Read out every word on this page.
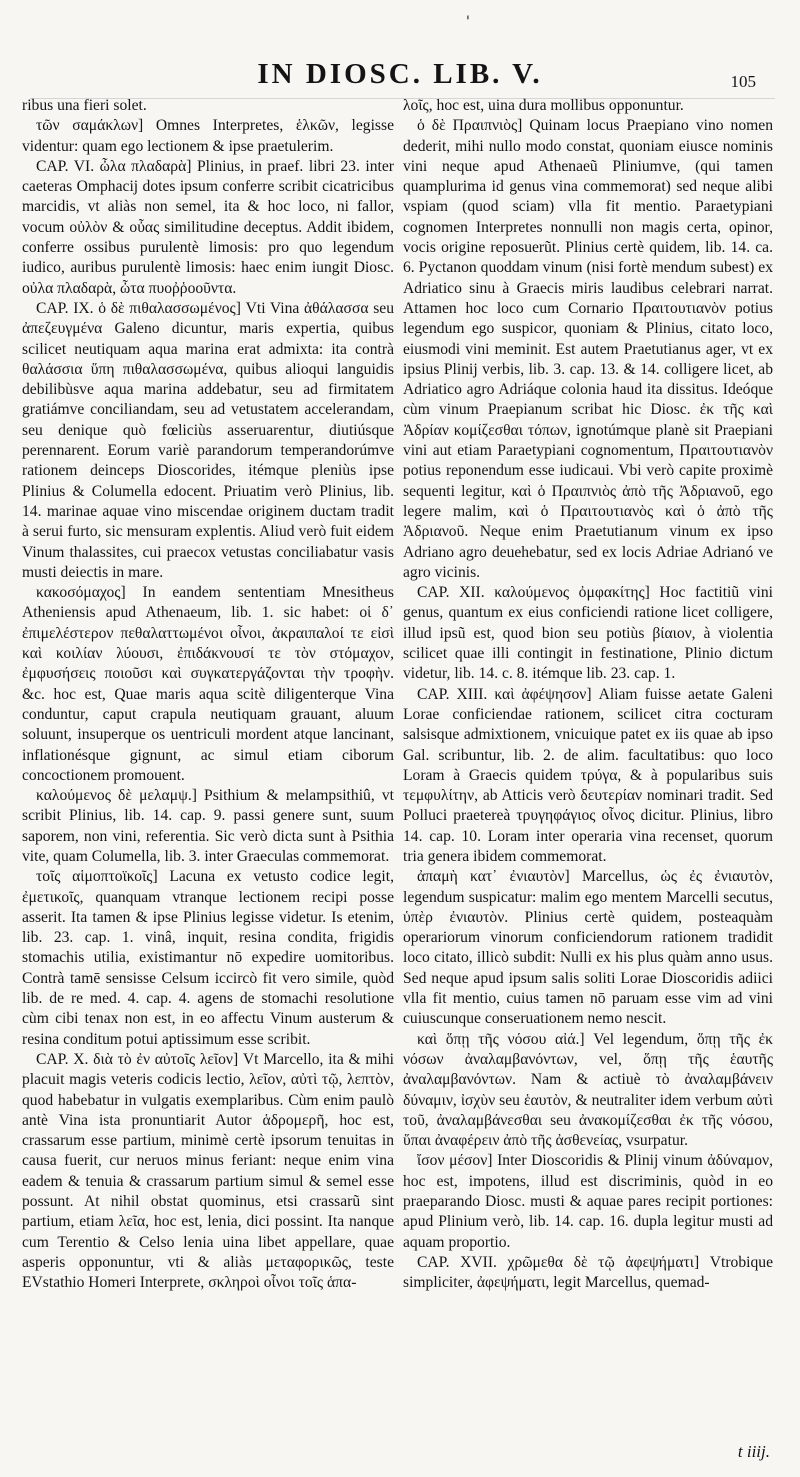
'
IN DIOSC. LIB. V.	105

ribus una fieri solet.

τῶν σαμάκλων] Omnes Interpretes, ἑλκῶν, legisse videntur: quam ego lectionem & ipse praetulerim.

CAP. VI. ὦλα πλαδαρὰ] Plinius, in praef. libri 23. inter caeteras Omphacij dotes ipsum conferre scribit cicatricibus marcidis, vt aliàs non semel, ita & hoc loco, ni fallor, vocum οὐλὸν & οὖας similitudine deceptus. Addit ibidem, conferre ossibus purulentè limosis: pro quo legendum iudico, auribus purulentè limosis: haec enim iungit Diosc. οὐλα πλαδαρὰ, ὦτα πυοῤῥοοῦντα.

CAP. IX. ὁ δὲ πιθαλασσωμένος] Vti Vina ἀθάλασσα seu ἀπεζευγμένα Galeno dicuntur, maris expertia, quibus scilicet neutiquam aqua marina erat admixta: ita contrà θαλάσσια ὕπη πιθαλασσωμένα, quibus alioqui languidis debilibùsve aqua marina addebatur, seu ad firmitatem gratiámve conciliandam, seu ad vetustatem accelerandam, seu denique quò fœliciùs asseruarentur, diutiúsque perennarent. Eorum variè parandorum temperandorúmve rationem deinceps Dioscorides, itémque pleniùs ipse Plinius & Columella edocent. Priuatim verò Plinius, lib. 14. marinae aquae vino miscendae originem ductam tradit à serui furto, sic mensuram explentis. Aliud verò fuit eidem Vinum thalassites, cui praecox vetustas conciliabatur vasis musti deiectis in mare.

κακοσόμαχος] In eandem sententiam Mnesitheus Atheniensis apud Athenaeum, lib. 1. sic habet: οἱ δ᾽ ἐπιμελέστερον πεθαλαττωμένοι οἶνοι, ἀκραιπαλοί τε εἰσὶ καὶ κοιλίαν λύουσι, ἐπιδάκνουσί τε τὸν στόμαχον, ἐμφυσήσεις ποιοῦσι καὶ συγκατεργάζονται τὴν τροφὴν. &c. hoc est, Quae maris aqua scitè diligenterque Vina conduntur, caput crapula neutiquam grauant, aluum soluunt, insuperque os uentriculi mordent atque lancinant, inflationésque gignunt, ac simul etiam ciborum concoctionem promouent.

καλούμενος δὲ μελαμψ.] Psithium & melampsithiû, vt scribit Plinius, lib. 14. cap. 9. passi genere sunt, suum saporem, non vini, referentia. Sic verò dicta sunt à Psithia vite, quam Columella, lib. 3. inter Graeculas commemorat.

τοῖς αἱμοπτοϊκοῖς] Lacuna ex vetusto codice legit, ἐμετικοῖς, quanquam vtranque lectionem recipi posse asserit. Ita tamen & ipse Plinius legisse videtur. Is etenim, lib. 23. cap. 1. vinâ, inquit, resina condita, frigidis stomachis utilia, existimantur nō expedire uomitoribus. Contrà tamē sensisse Celsum iccircò fit vero simile, quòd lib. de re med. 4. cap. 4. agens de stomachi resolutione cùm cibi tenax non est, in eo affectu Vinum austerum & resina conditum potui aptissimum esse scribit.

CAP. X. διὰ τὸ ἐν αὐτοῖς λεῖον] Vt Marcello, ita & mihi placuit magis veteris codicis lectio, λεῖον, αὐτὶ τῷ, λεπτὸν, quod habebatur in vulgatis exemplaribus. Cùm enim paulò antè Vina ista pronuntiarit Autor ἁδρομερῆ, hoc est, crassarum esse partium, minimè certè ipsorum tenuitas in causa fuerit, cur neruos minus feriant: neque enim vina eadem & tenuia & crassarum partium simul & semel esse possunt. At nihil obstat quominus, etsi crassarũ sint partium, etiam λεῖα, hoc est, lenia, dici possint. Ita nanque cum Terentio & Celso lenia uina libet appellare, quae asperis opponuntur, vti & aliàs μεταφορικῶς, teste EVstathio Homeri Interprete, σκληροὶ οἶνοι τοῖς ἁπα-

λοῖς, hoc est, uina dura mollibus opponuntur.

ὁ δὲ Πραιπνιὸς] Quinam locus Praepiano vino nomen dederit, mihi nullo modo constat, quoniam eiusce nominis vini neque apud Athenaeũ Pliniumve, (qui tamen quamplurima id genus vina commemorat) sed neque alibi vspiam (quod sciam) vlla fit mentio. Paraetypiani cognomen Interpretes nonnulli non magis certa, opinor, vocis origine reposuerũt. Plinius certè quidem, lib. 14. ca. 6. Pyctanon quoddam vinum (nisi fortè mendum subest) ex Adriatico sinu à Graecis miris laudibus celebrari narrat. Attamen hoc loco cum Cornario Πραιτουτιανὸν potius legendum ego suspicor, quoniam & Plinius, citato loco, eiusmodi vini meminit. Est autem Praetutianus ager, vt ex ipsius Plinij verbis, lib. 3. cap. 13. & 14. colligere licet, ab Adriatico agro Adriáque colonia haud ita dissitus. Ideóque cùm vinum Praepianum scribat hic Diosc. ἐκ τῆς καὶ Ἀδρίαν κομίζεσθαι τόπων, ignotúmque planè sit Praepiani vini aut etiam Paraetypiani cognomentum, Πραιτουτιανὸν potius reponendum esse iudicaui. Vbi verò capite proximè sequenti legitur, καὶ ὁ Πραιπνιὸς ἀπὸ τῆς Ἀδριανοῦ, ego legere malim, καὶ ὁ Πραιτουτιανὸς καὶ ὁ ἀπὸ τῆς Ἀδριανοῦ. Neque enim Praetutianum vinum ex ipso Adriano agro deuehebatur, sed ex locis Adriae Adrianó ve agro vicinis.

CAP. XII. καλούμενος ὀμφακίτης] Hoc factitiũ vini genus, quantum ex eius conficiendi ratione licet colligere, illud ipsũ est, quod bion seu potiùs βίαιον, à violentia scilicet quae illi contingit in festinatione, Plinio dictum videtur, lib. 14. c. 8. itémque lib. 23. cap. 1.

CAP. XIII. καὶ ἀφέψησον] Aliam fuisse aetate Galeni Lorae conficiendae rationem, scilicet citra cocturam salsisque admixtionem, vnicuique patet ex iis quae ab ipso Gal. scribuntur, lib. 2. de alim. facultatibus: quo loco Loram à Graecis quidem τρύγα, & à popularibus suis τεμφυλίτην, ab Atticis verò δευτερίαν nominari tradit. Sed Polluci praetereà τρυγηφάγιος οἶνος dicitur. Plinius, libro 14. cap. 10. Loram inter operaria vina recenset, quorum tria genera ibidem commemorat.

ἀπαμὴ κατ᾽ ἐνιαυτὸν] Marcellus, ὡς ἐς ἐνιαυτὸν, legendum suspicatur: malim ego mentem Marcelli secutus, ὑπὲρ ἐνιαυτὸν. Plinius certè quidem, posteaquàm operariorum vinorum conficiendorum rationem tradidit loco citato, illicò subdit: Nulli ex his plus quàm anno usus. Sed neque apud ipsum salis soliti Lorae Dioscoridis adiici vlla fit mentio, cuius tamen nō paruam esse vim ad vini cuiuscunque conseruationem nemo nescit.

καὶ ὅπῃ τῆς νόσου αἰά.] Vel legendum, ὅπῃ τῆς ἐκ νόσων ἀναλαμβανόντων, vel, ὅπῃ τῆς ἑαυτῆς ἀναλαμβανόντων. Nam & actiuè τὸ ἀναλαμβάνειν δύναμιν, ἰσχὺν seu ἑαυτὸν, & neutraliter idem verbum αὐτὶ τοῦ, ἀναλαμβάνεσθαι seu ἀνακομίζεσθαι ἐκ τῆς νόσου, ὕπαι ἀναφέρειν ἀπὸ τῆς ἀσθενείας, vsurpatur.

ἴσον μέσον] Inter Dioscoridis & Plinij vinum ἀδύναμον, hoc est, impotens, illud est discriminis, quòd in eo praeparando Diosc. musti & aquae pares recipit portiones: apud Plinium verò, lib. 14. cap. 16. dupla legitur musti ad aquam proportio.

CAP. XVII. χρῶμεθα δὲ τῷ ἀφεψήματι] Vtrobique simpliciter, ἀφεψήματι, legit Marcellus, quemad-

t iiij.
